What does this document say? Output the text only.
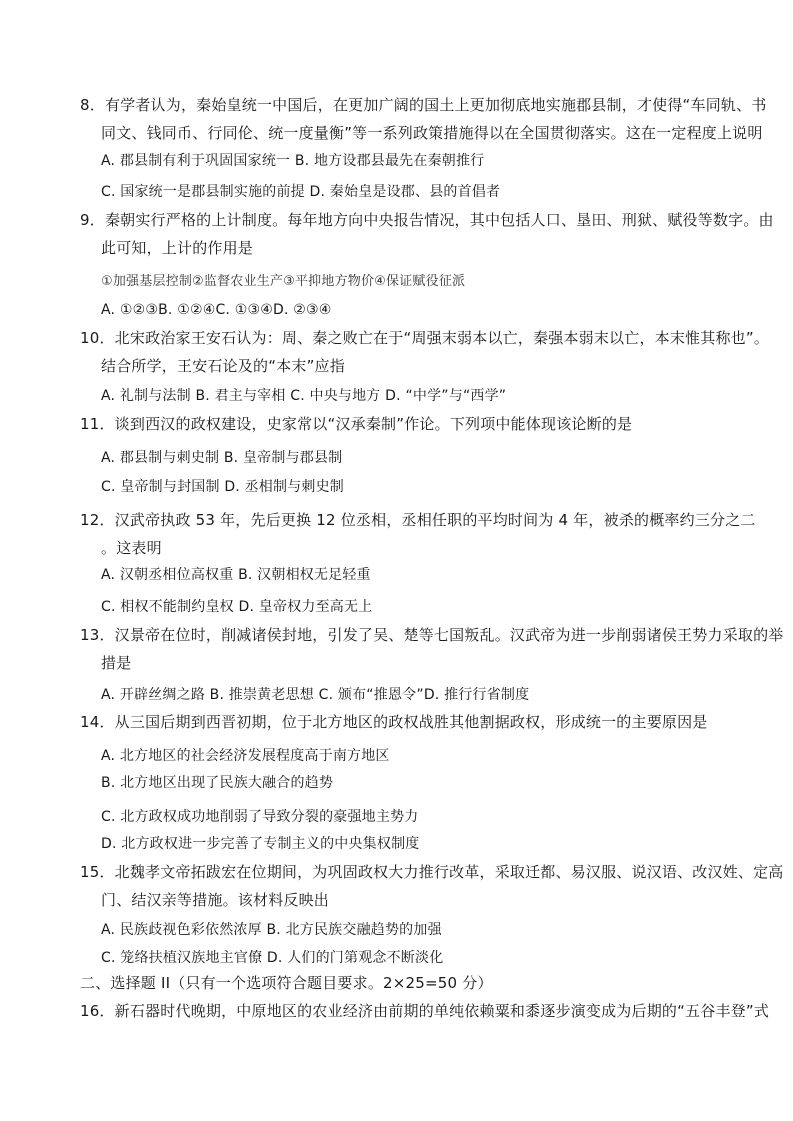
8．有学者认为，秦始皇统一中国后，在更加广阔的国土上更加彻底地实施郡县制，才使得“车同轨、书
同文、钱同币、行同伦、统一度量衡”等一系列政策措施得以在全国贯彻落实。这在一定程度上说明
A. 郡县制有利于巩固国家统一 B. 地方设郡县最先在秦朝推行
C. 国家统一是郡县制实施的前提 D. 秦始皇是设郡、县的首倡者
9．秦朝实行严格的上计制度。每年地方向中央报告情况，其中包括人口、垦田、刑狱、赋役等数字。由
此可知，上计的作用是
①加强基层控制②监督农业生产③平抑地方物价④保证赋役征派
A. ①②③B. ①②④C. ①③④D. ②③④
10．北宋政治家王安石认为：周、秦之败亡在于“周强末弱本以亡，秦强本弱末以亡，本末惟其称也”。
结合所学，王安石论及的“本末”应指
A. 礼制与法制 B. 君主与宰相 C. 中央与地方 D. “中学”与“西学”
11．谈到西汉的政权建设，史家常以“汉承秦制”作论。下列项中能体现该论断的是
A. 郡县制与刺史制 B. 皇帝制与郡县制
C. 皇帝制与封国制 D. 丞相制与刺史制
12．汉武帝执政 53 年，先后更换 12 位丞相，丞相任职的平均时间为 4 年，被杀的概率约三分之二
。这表明
A. 汉朝丞相位高权重 B. 汉朝相权无足轻重
C. 相权不能制约皇权 D. 皇帝权力至高无上
13．汉景帝在位时，削减诸侯封地，引发了吴、楚等七国叛乱。汉武帝为进一步削弱诸侯王势力采取的举
措是
A. 开辟丝绸之路 B. 推崇黄老思想 C. 颁布“推恩令”D. 推行行省制度
14．从三国后期到西晋初期，位于北方地区的政权战胜其他割据政权，形成统一的主要原因是
A. 北方地区的社会经济发展程度高于南方地区
B. 北方地区出现了民族大融合的趋势
C. 北方政权成功地削弱了导致分裂的豪强地主势力
D. 北方政权进一步完善了专制主义的中央集权制度
15．北魏孝文帝拓跋宏在位期间，为巩固政权大力推行改革，采取迁都、易汉服、说汉语、改汉姓、定高
门、结汉亲等措施。该材料反映出
A. 民族歧视色彩依然浓厚 B. 北方民族交融趋势的加强
C. 笼络扶植汉族地主官僚 D. 人们的门第观念不断淡化
二、选择题 II（只有一个选项符合题目要求。2×25=50 分）
16．新石器时代晚期，中原地区的农业经济由前期的单纯依赖粟和黍逐步演变成为后期的“五谷丰登”式
